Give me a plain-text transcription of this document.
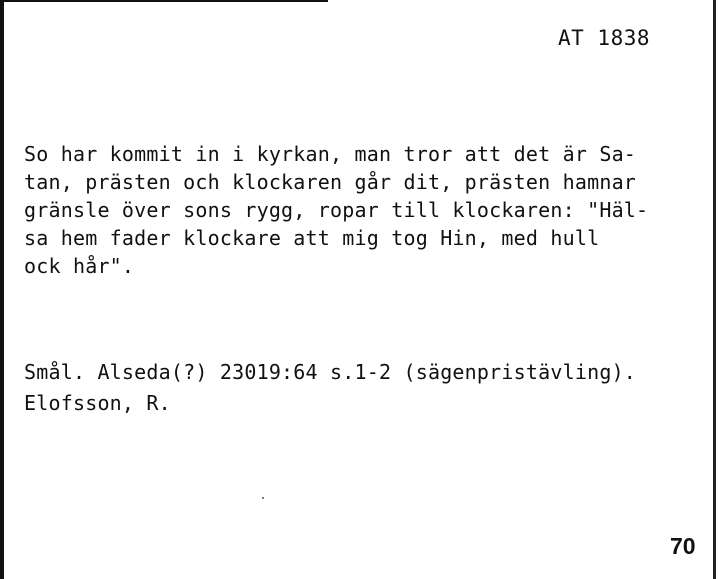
AT 1838
So har kommit in i kyrkan, man tror att det är Sa-
tan, prästen och klockaren går dit, prästen hamnar
gränsle över sons rygg, ropar till klockaren: "Häl-
sa hem fader klockare att mig tog Hin, med hull
ock hår".
Smål. Alseda(?) 23019:64 s.1-2 (sägenpristävling).
Elofsson, R.
70
